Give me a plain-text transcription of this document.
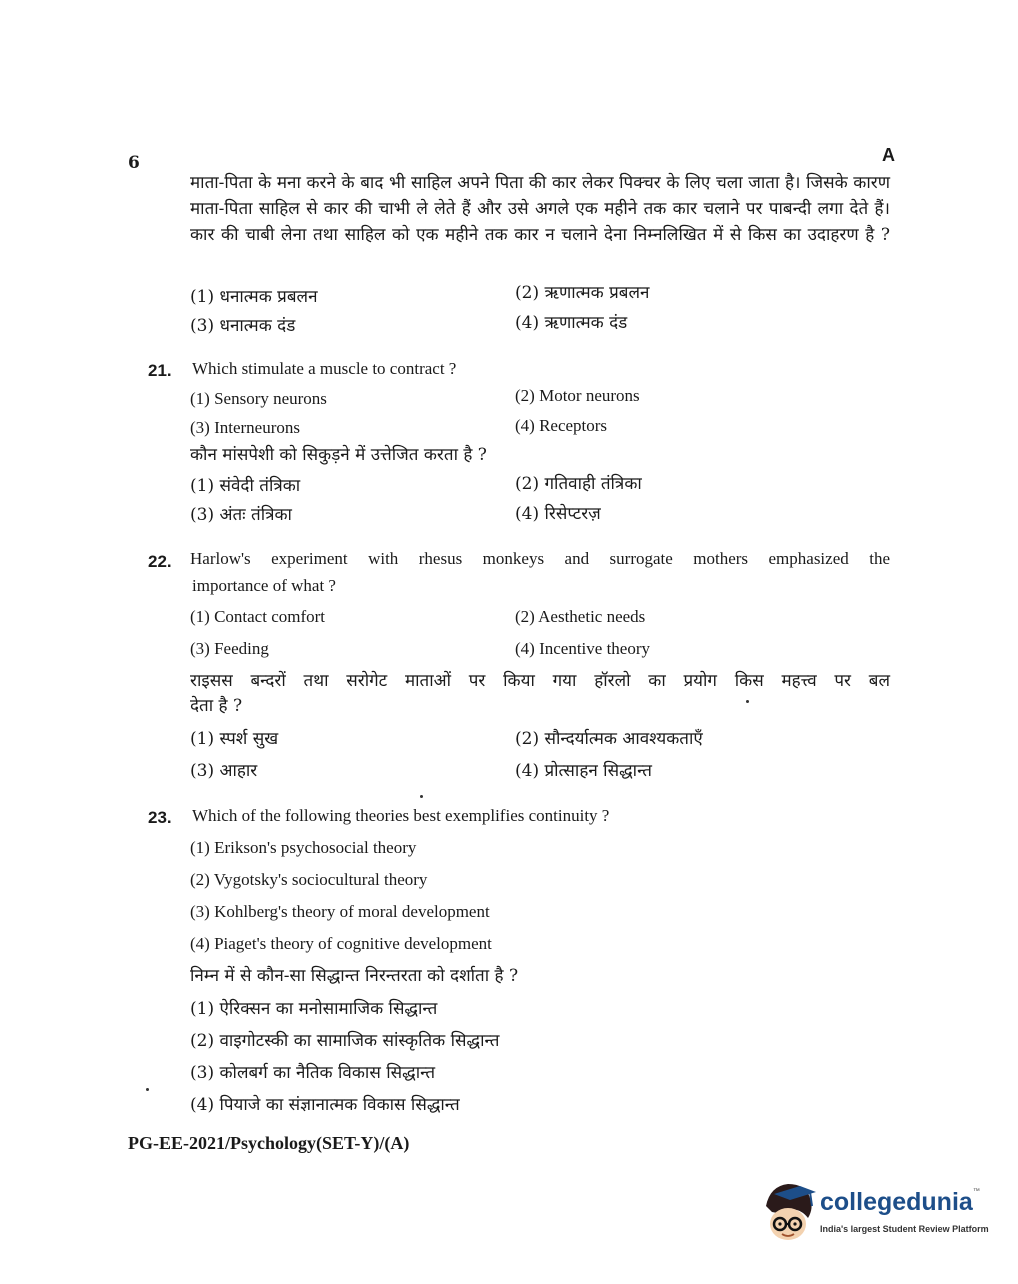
6	A
माता-पिता के मना करने के बाद भी साहिल अपने पिता की कार लेकर पिक्चर के लिए चला जाता है। जिसके कारण माता-पिता साहिल से कार की चाभी ले लेते हैं और उसे अगले एक महीने तक कार चलाने पर पाबन्दी लगा देते हैं। कार की चाबी लेना तथा साहिल को एक महीने तक कार न चलाने देना निम्नलिखित में से किस का उदाहरण है ?
(1) धनात्मक प्रबलन	(2) ऋणात्मक प्रबलन
(3) धनात्मक दंड	(4) ऋणात्मक दंड
21. Which stimulate a muscle to contract ?
(1) Sensory neurons	(2) Motor neurons
(3) Interneurons	(4) Receptors
कौन मांसपेशी को सिकुड़ने में उत्तेजित करता है ?
(1) संवेदी तंत्रिका	(2) गतिवाही तंत्रिका
(3) अंतः तंत्रिका	(4) रिसेप्टरज़
22. Harlow's experiment with rhesus monkeys and surrogate mothers emphasized the
importance of what ?
(1) Contact comfort	(2) Aesthetic needs
(3) Feeding	(4) Incentive theory
राइसस बन्दरों तथा सरोगेट माताओं पर किया गया हॉरलो का प्रयोग किस महत्त्व पर बल
देता है ?
(1) स्पर्श सुख	(2) सौन्दर्यात्मक आवश्यकताएँ
(3) आहार	(4) प्रोत्साहन सिद्धान्त
23. Which of the following theories best exemplifies continuity ?
(1) Erikson's psychosocial theory
(2) Vygotsky's sociocultural theory
(3) Kohlberg's theory of moral development
(4) Piaget's theory of cognitive development
निम्न में से कौन-सा सिद्धान्त निरन्तरता को दर्शाता है ?
(1) ऐरिक्सन का मनोसामाजिक सिद्धान्त
(2) वाइगोटस्की का सामाजिक सांस्कृतिक सिद्धान्त
(3) कोलबर्ग का नैतिक विकास सिद्धान्त
(4) पियाजे का संज्ञानात्मक विकास सिद्धान्त
PG-EE-2021/Psychology(SET-Y)/(A)
collegedunia™
India's largest Student Review Platform
